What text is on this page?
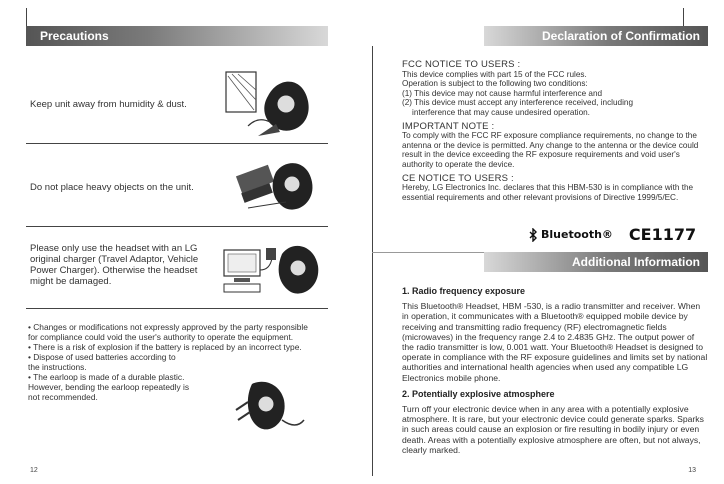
Precautions
Keep unit away from humidity & dust.
Do not place heavy objects on the unit.
Please only use the headset with an LG original charger (Travel Adaptor, Vehicle Power Charger). Otherwise the headset might be damaged.
• Changes or modifications not expressly approved by the party responsible for compliance could void the user's authority to operate the equipment.
• There is a risk of explosion if the battery is replaced by an incorrect type.
• Dispose of used batteries according to the instructions.
• The earloop is made of a durable plastic. However, bending the earloop repeatedly is not recommended.
12
Declaration of Confirmation
FCC NOTICE TO USERS :
This device complies with part 15 of the FCC rules.
Operation is subject to the following two conditions:
(1) This device may not cause harmful interference and
(2) This device must accept any interference received, including

interference that may cause undesired operation.

IMPORTANT NOTE :

To comply with the FCC RF exposure compliance requirements, no change to the antenna or the device is permitted. Any change to the antenna or the device could result in the device exceeding the RF exposure requirements and void user's authority to operate the device.

CE NOTICE TO USERS :

Hereby, LG Electronics Inc. declares that this HBM-530 is in compliance with the essential requirements and other relevant provisions of Directive 1999/5/EC.

Bluetooth® CE1177
Additional Information
1. Radio frequency exposure

This Bluetooth® Headset, HBM -530, is a radio transmitter and receiver. When in operation, it communicates with a Bluetooth® equipped mobile device by receiving and transmitting radio frequency (RF) electromagnetic fields (microwaves) in the frequency range 2.4 to 2.4835 GHz. The output power of the radio transmitter is low, 0.001 watt. Your Bluetooth® Headset is designed to operate in compliance with the RF exposure guidelines and limits set by national authorities and international health agencies when used any compatible LG Electronics mobile phone.

2. Potentially explosive atmosphere

Turn off your electronic device when in any area with a potentially explosive atmosphere. It is rare, but your electronic device could generate sparks. Sparks in such areas could cause an explosion or fire resulting in bodily injury or even death. Areas with a potentially explosive atmosphere are often, but not always, clearly marked.

13
